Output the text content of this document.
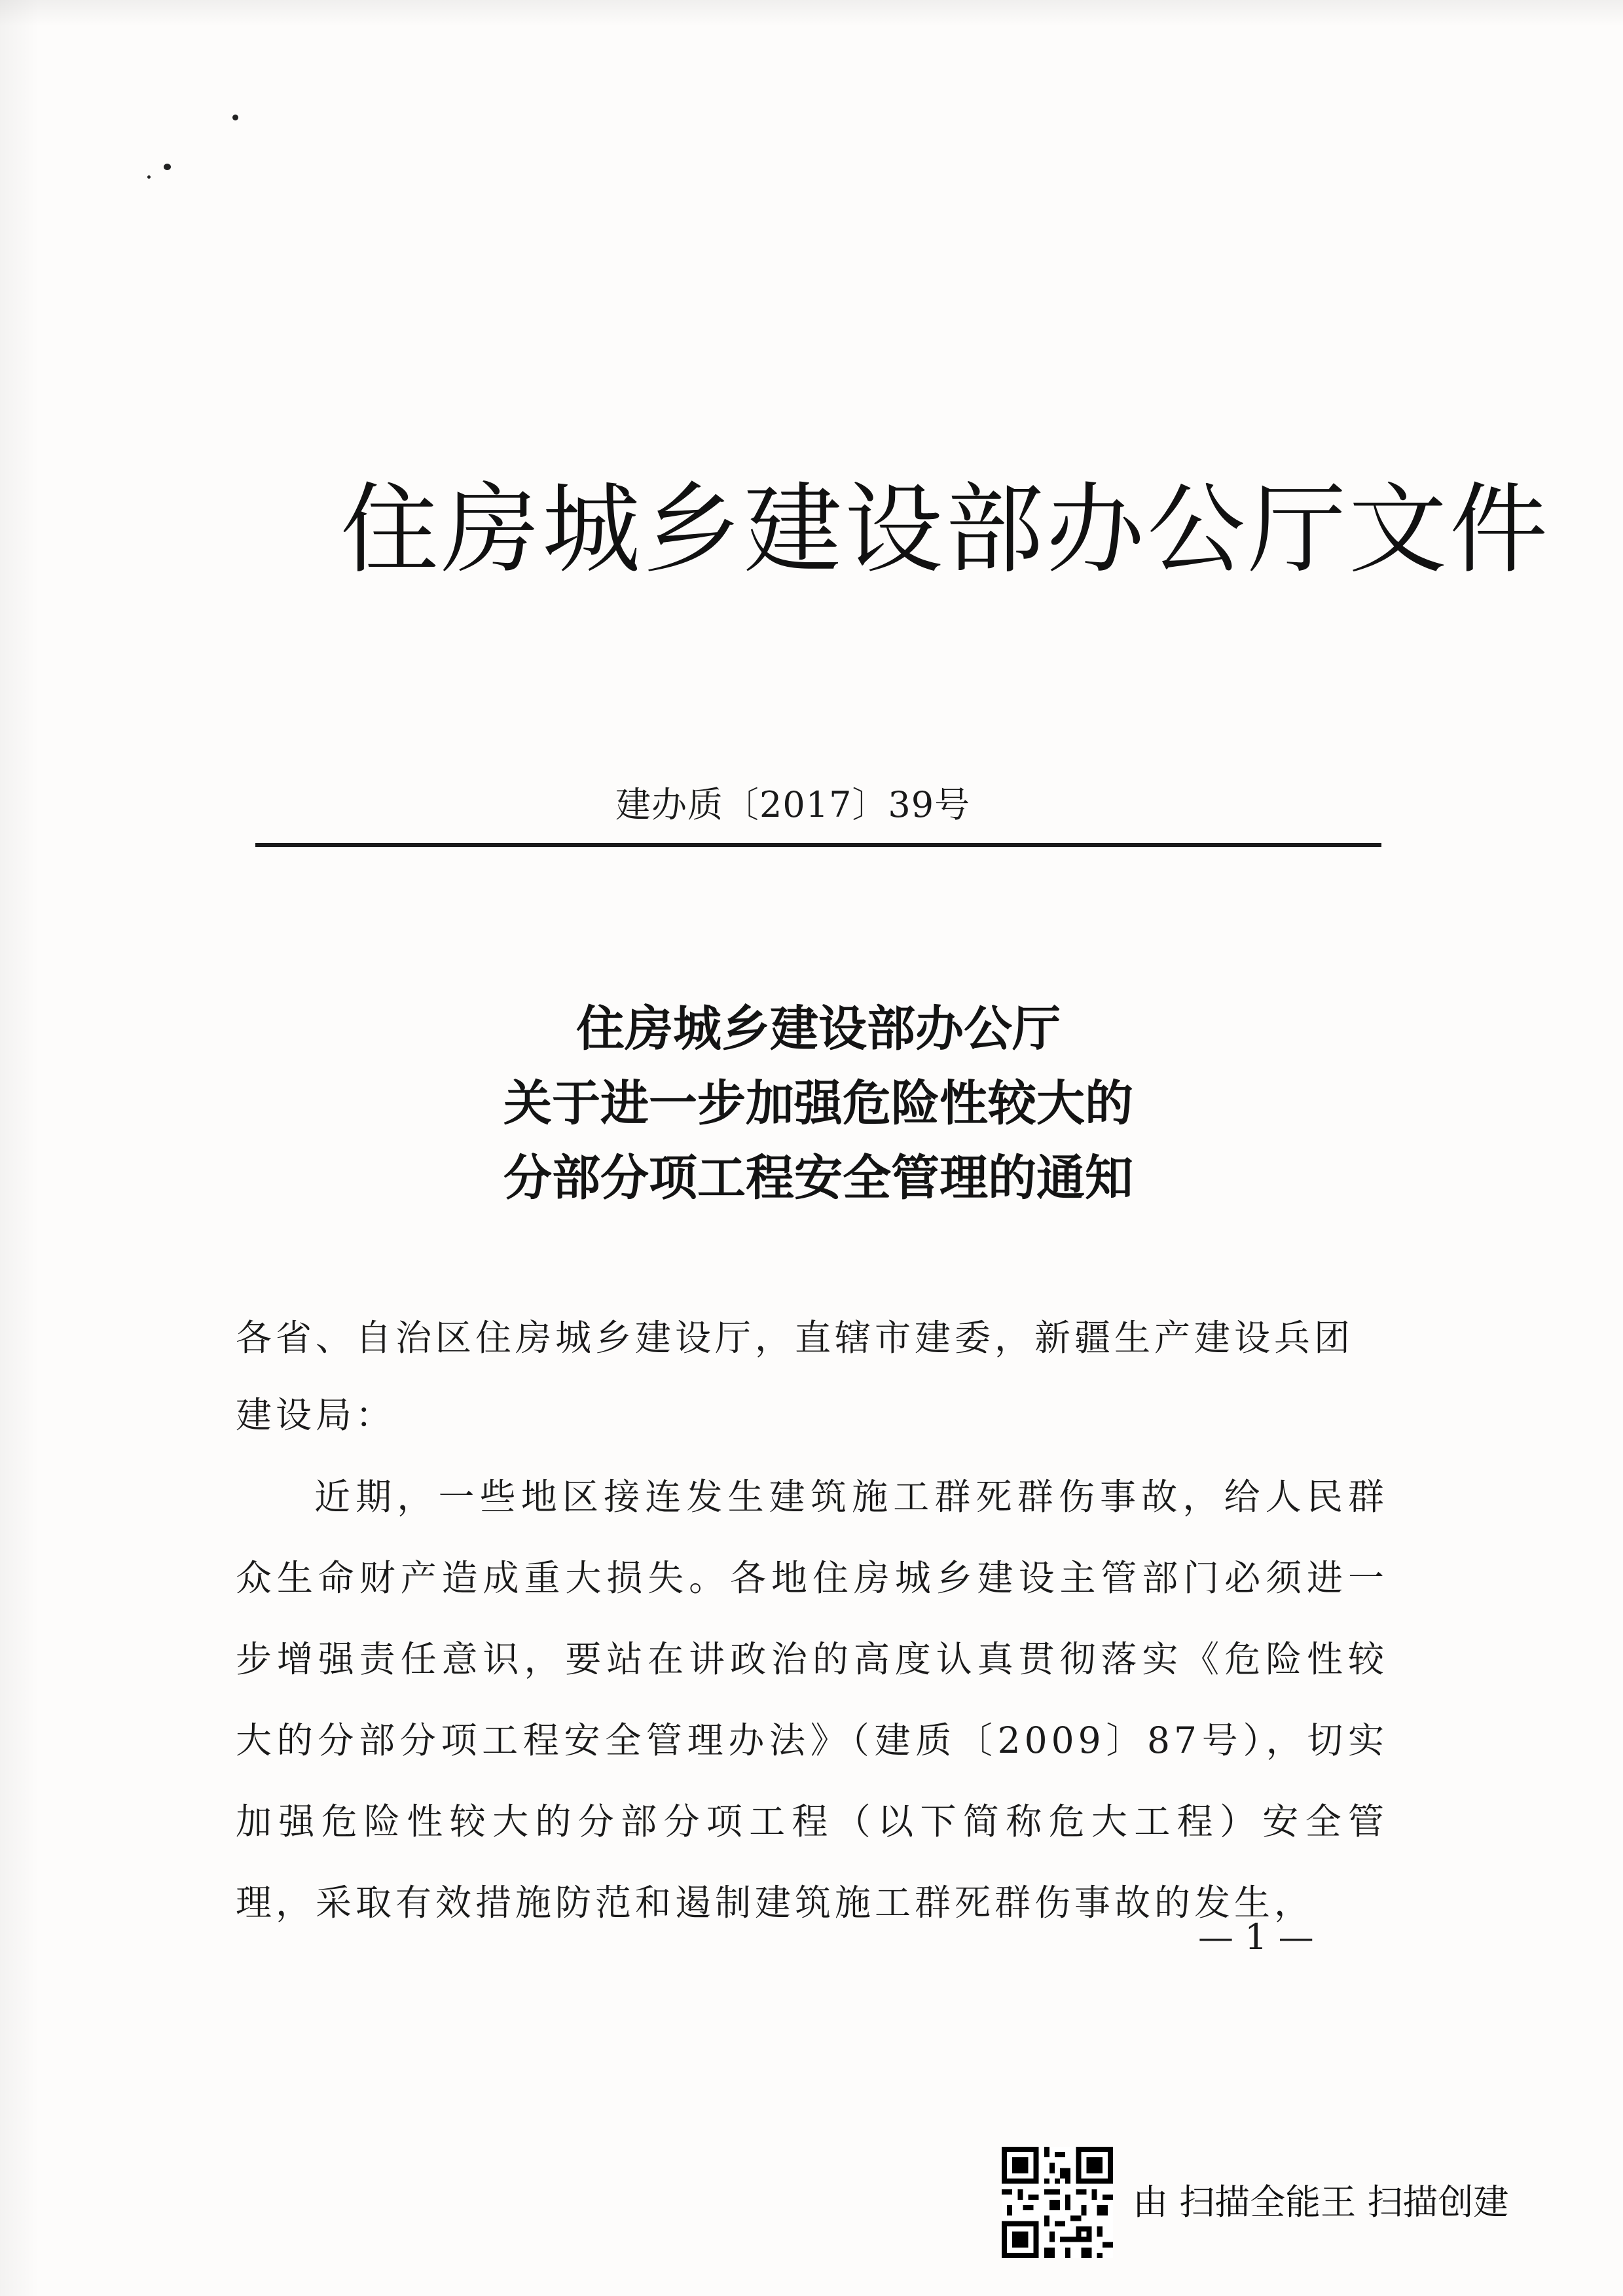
住房城乡建设部办公厅文件
建办质〔2017〕39号
住房城乡建设部办公厅
关于进一步加强危险性较大的
分部分项工程安全管理的通知
各省、自治区住房城乡建设厅，直辖市建委，新疆生产建设兵团建设局：
近期，一些地区接连发生建筑施工群死群伤事故，给人民群众生命财产造成重大损失。各地住房城乡建设主管部门必须进一步增强责任意识，要站在讲政治的高度认真贯彻落实《危险性较大的分部分项工程安全管理办法》（建质〔2009〕87号），切实加强危险性较大的分部分项工程（以下简称危大工程）安全管理，采取有效措施防范和遏制建筑施工群死群伤事故的发生，
— 1 —
由 扫描全能王 扫描创建
